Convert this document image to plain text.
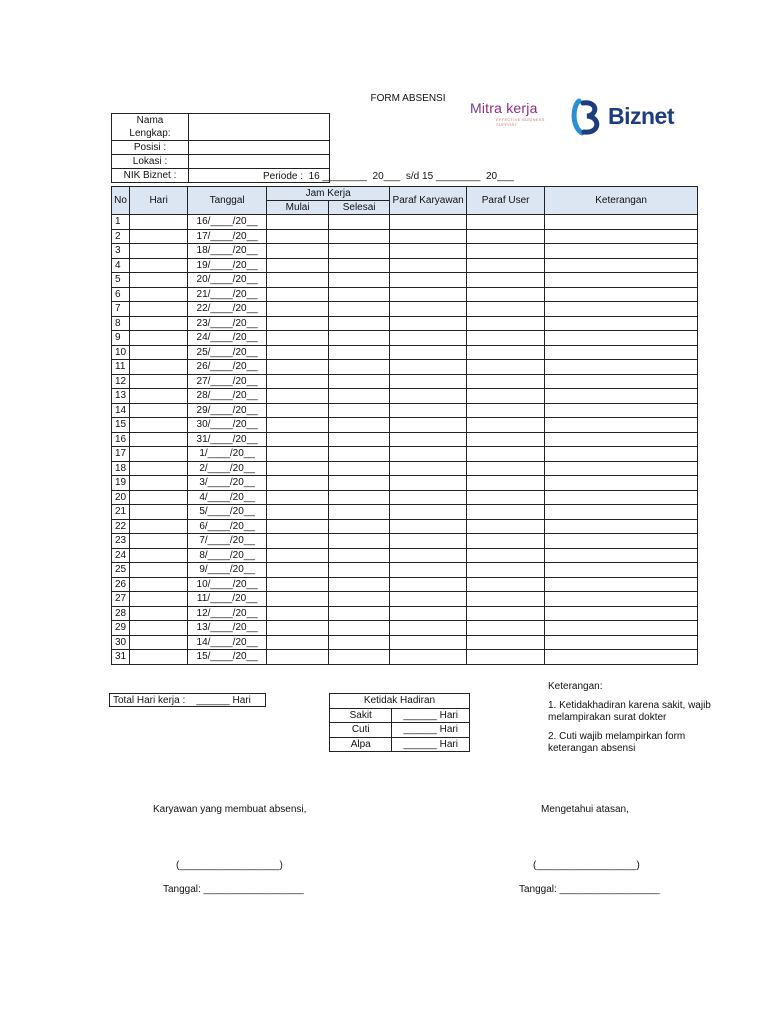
FORM ABSENSI
Mitra kerja
EFFECTIVE BUSINESS SUPPORT	Biznet
Nama Lengkap:	
Posisi :	
Lokasi :	
NIK Biznet :		Periode :  16 ________  20___  s/d 15 ________  20___
No	Hari	Tanggal	Jam Kerja		Paraf Karyawan	Paraf User	Keterangan
			Mulai	Selesai			
1		16/____/20__					
2		17/____/20__					
3		18/____/20__					
4		19/____/20__					
5		20/____/20__					
6		21/____/20__					
7		22/____/20__					
8		23/____/20__					
9		24/____/20__					
10		25/____/20__					
11		26/____/20__					
12		27/____/20__					
13		28/____/20__					
14		29/____/20__					
15		30/____/20__					
16		31/____/20__					
17		1/____/20__					
18		2/____/20__					
19		3/____/20__					
20		4/____/20__					
21		5/____/20__					
22		6/____/20__					
23		7/____/20__					
24		8/____/20__					
25		9/____/20__					
26		10/____/20__					
27		11/____/20__					
28		12/____/20__					
29		13/____/20__					
30		14/____/20__					
31		15/____/20__					
Total Hari kerja :    ______ Hari	Ketidak Hadiran	
Sakit	______ Hari
Cuti	______ Hari
Alpa	______ Hari

Keterangan:

1. Ketidakhadiran karena sakit, wajib melampirakan surat dokter

2. Cuti wajib melampirkan form keterangan absensi

Karyawan yang membuat absensi,	Mengetahui atasan,
(__________________)	(__________________)
Tanggal: __________________	Tanggal: __________________
